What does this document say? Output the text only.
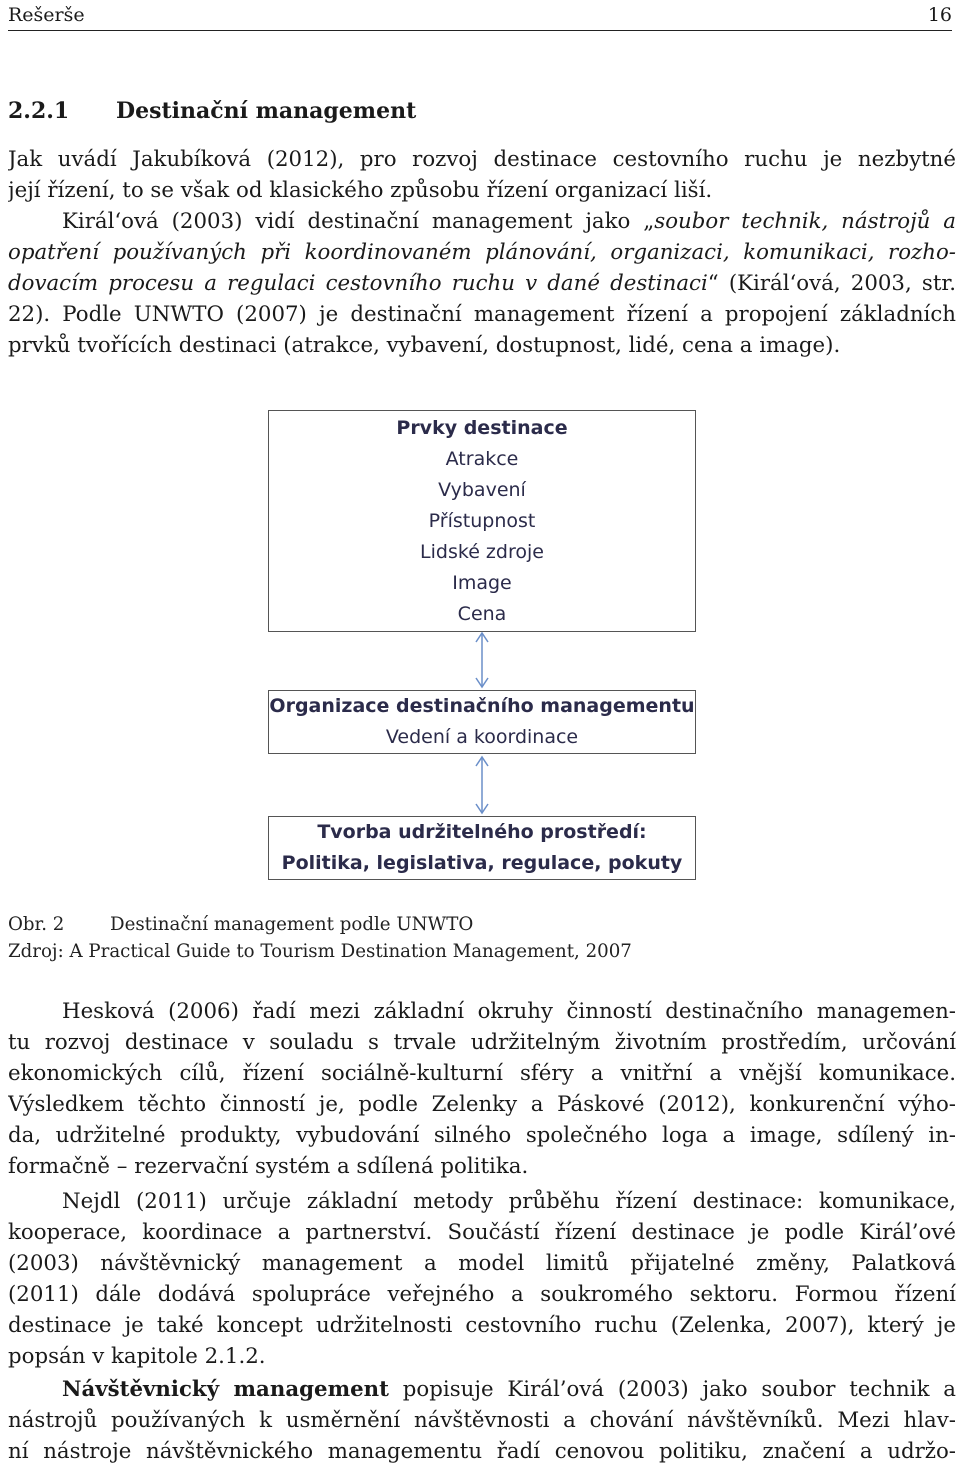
Rešerše	16
2.2.1 Destinační management
Jak uvádí Jakubíková (2012), pro rozvoj destinace cestovního ruchu je nezbytné
její řízení, to se však od klasického způsobu řízení organizací liší.
Királ‘ová (2003) vidí destinační management jako „soubor technik, nástrojů a
opatření používaných při koordinovaném plánování, organizaci, komunikaci, rozho-
dovacím procesu a regulaci cestovního ruchu v dané destinaci“ (Királ‘ová, 2003, str.
22). Podle UNWTO (2007) je destinační management řízení a propojení základních
prvků tvořících destinaci (atrakce, vybavení, dostupnost, lidé, cena a image).
Prvky destinace
Atrakce
Vybavení
Přístupnost
Lidské zdroje
Image
Cena
Organizace destinačního managementu
Vedení a koordinace
Tvorba udržitelného prostředí:
Politika, legislativa, regulace, pokuty
Obr. 2	Destinační management podle UNWTO
Zdroj: A Practical Guide to Tourism Destination Management, 2007
Hesková (2006) řadí mezi základní okruhy činností destinačního managemen-
tu rozvoj destinace v souladu s trvale udržitelným životním prostředím, určování
ekonomických cílů, řízení sociálně-kulturní sféry a vnitřní a vnější komunikace.
Výsledkem těchto činností je, podle Zelenky a Páskové (2012), konkurenční výho-
da, udržitelné produkty, vybudování silného společného loga a image, sdílený in-
formačně – rezervační systém a sdílená politika.
Nejdl (2011) určuje základní metody průběhu řízení destinace: komunikace,
kooperace, koordinace a partnerství. Součástí řízení destinace je podle Királ’ové
(2003) návštěvnický management a model limitů přijatelné změny, Palatková
(2011) dále dodává spolupráce veřejného a soukromého sektoru. Formou řízení
destinace je také koncept udržitelnosti cestovního ruchu (Zelenka, 2007), který je
popsán v kapitole 2.1.2.
Návštěvnický management popisuje Királ’ová (2003) jako soubor technik a
nástrojů používaných k usměrnění návštěvnosti a chování návštěvníků. Mezi hlav-
ní nástroje návštěvnického managementu řadí cenovou politiku, značení a udržo-
